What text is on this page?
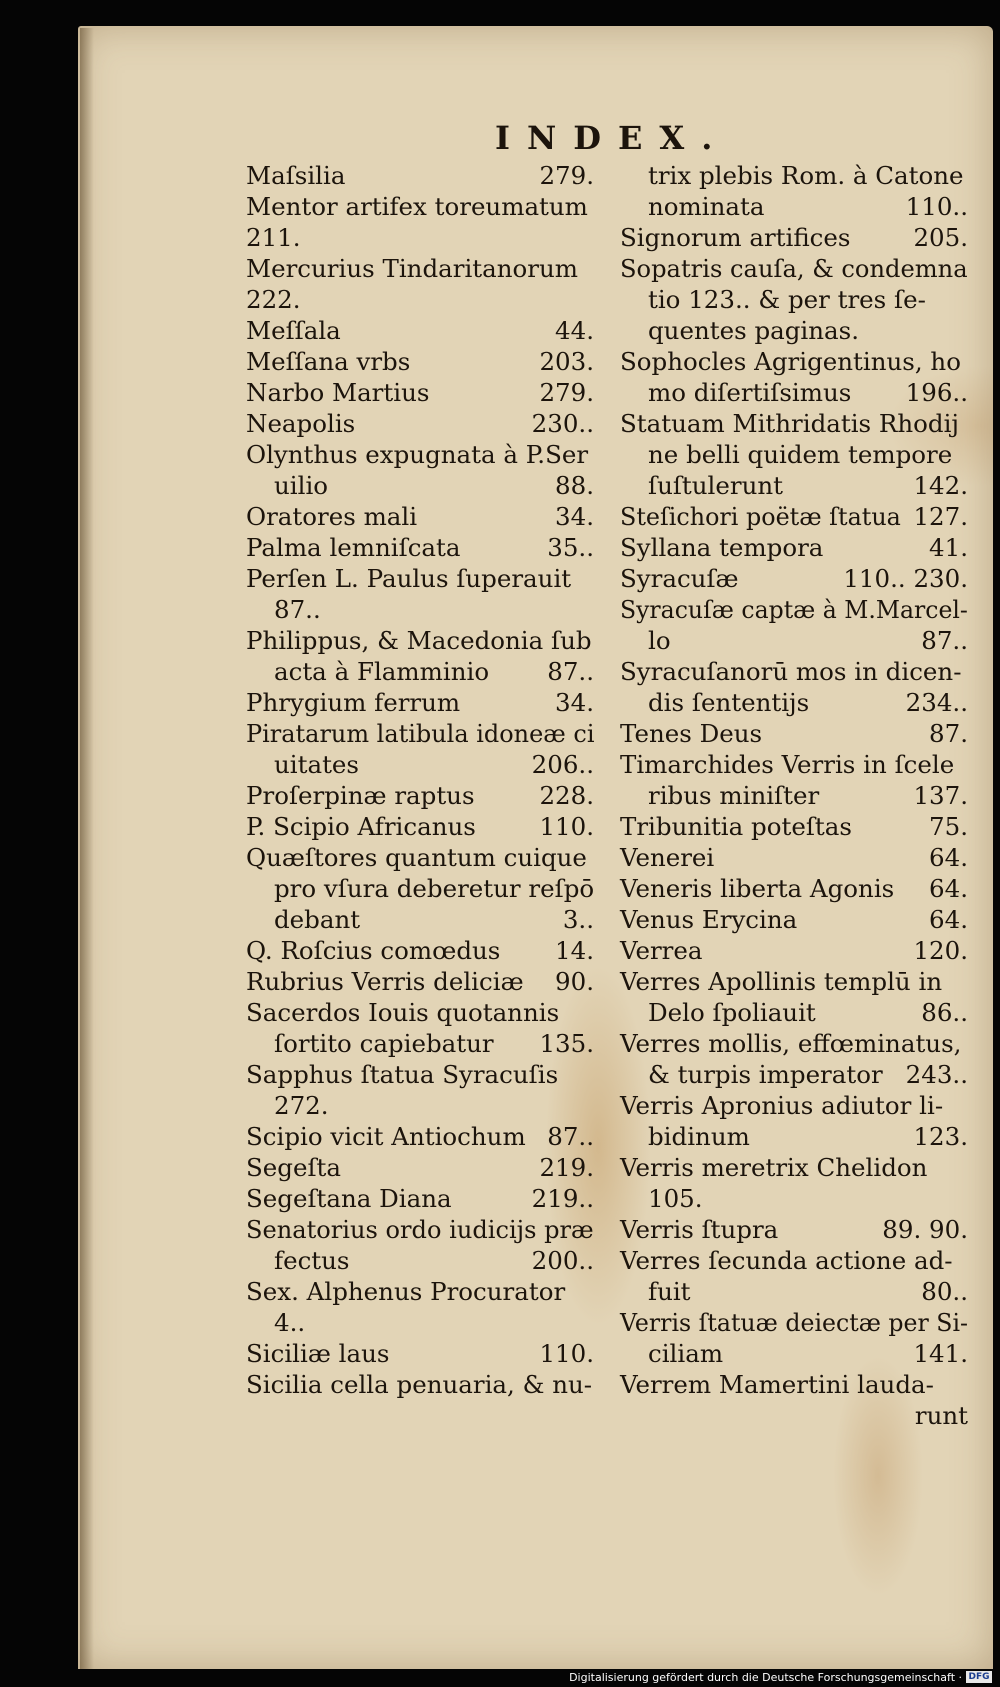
INDEX.
Maſsilia	279.
Mentor artifex toreumatum
211.
Mercurius Tindaritanorum
222.
Meſſala	44.
Meſſana vrbs	203.
Narbo Martius	279.
Neapolis	230..
Olynthus expugnata à P.Ser
uilio	88.
Oratores mali	34.
Palma lemniſcata	35..
Perſen L. Paulus ſuperauit
87..
Philippus, & Macedonia ſub
acta à Flamminio 87..
Phrygium ferrum	34.
Piratarum latibula idoneæ ci
uitates	206..
Proſerpinæ raptus	228.
P. Scipio Africanus	110.
Quæſtores quantum cuique
pro vſura deberetur reſpō
debant	3..
Q. Roſcius comœdus 14.
Rubrius Verris deliciæ 90.
Sacerdos Iouis quotannis
ſortito capiebatur 135.
Sapphus ſtatua Syracuſis
272.
Scipio vicit Antiochum 87..
Segeſta	219.
Segeſtana Diana	219..
Senatorius ordo iudicijs præ
fectus	200..
Sex. Alphenus Procurator
4..
Siciliæ laus	110.
Sicilia cella penuaria, & nu-
trix plebis Rom. à Catone
nominata	110..
Signorum artifices	205.
Sopatris cauſa, & condemna
tio 123.. & per tres ſe-
quentes paginas.
Sophocles Agrigentinus, ho
mo diſertiſsimus 196..
Statuam Mithridatis Rhodij
ne belli quidem tempore
ſuſtulerunt	142.
Steſichori poëtæ ſtatua 127.
Syllana tempora	41.
Syracuſæ	110.. 230.
Syracuſæ captæ à M.Marcel-
lo	87..
Syracuſanorū mos in dicen-
dis ſententijs	234..
Tenes Deus	87.
Timarchides Verris in ſcele
ribus miniſter	137.
Tribunitia poteſtas	75.
Venerei	64.
Veneris liberta Agonis 64.
Venus Erycina	64.
Verrea	120.
Verres Apollinis templū in
Delo ſpoliauit	86..
Verres mollis, effœminatus,
& turpis imperator 243..
Verris Apronius adiutor li-
bidinum	123.
Verris meretrix Chelidon
105.
Verris ſtupra	89. 90.
Verres ſecunda actione ad-
fuit	80..
Verris ſtatuæ deiectæ per Si-
ciliam	141.
Verrem Mamertini lauda-
runt
Digitalisierung gefördert durch die Deutsche Forschungsgemeinschaft · DFG
